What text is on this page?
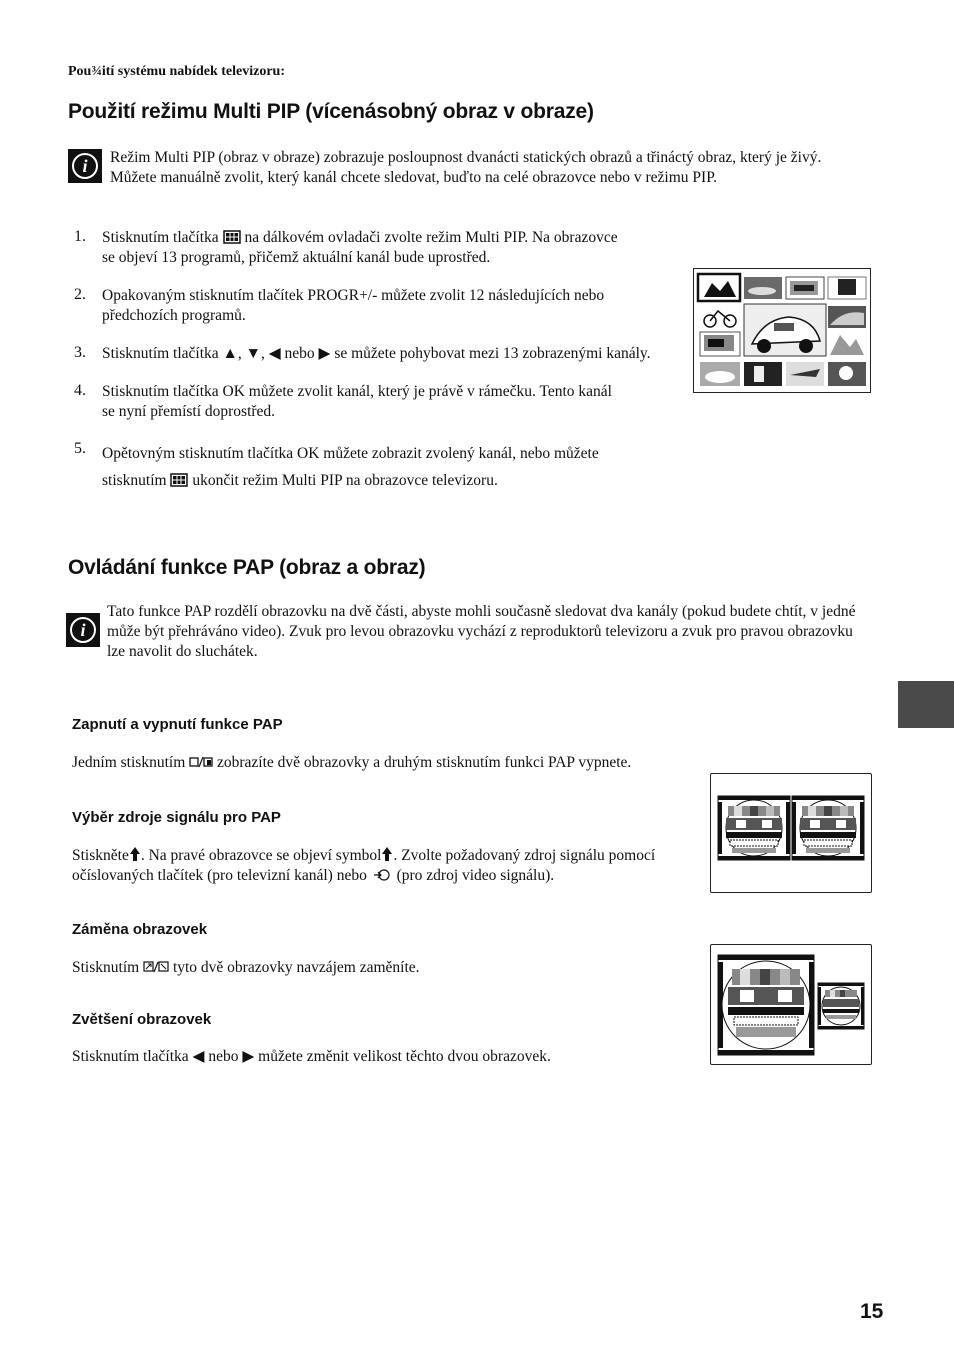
Pou¾ití systému nabídek televizoru:
Použití režimu Multi PIP (vícenásobný obraz v obraze)
i	Režim Multi PIP (obraz v obraze) zobrazuje posloupnost dvanácti statických obrazů a třináctý obraz, který je živý.
Můžete manuálně zvolit, který kanál chcete sledovat, buďto na celé obrazovce nebo v režimu PIP.
1. Stisknutím tlačítka na dálkovém ovladači zvolte režim Multi PIP. Na obrazovce
se objeví 13 programů, přičemž aktuální kanál bude uprostřed.
2. Opakovaným stisknutím tlačítek PROGR+/- můžete zvolit 12 následujících nebo
předchozích programů.
3. Stisknutím tlačítka ▲, ▼, ◀ nebo ▶ se můžete pohybovat mezi 13 zobrazenými kanály.
4. Stisknutím tlačítka OK můžete zvolit kanál, který je právě v rámečku. Tento kanál
se nyní přemístí doprostřed.
5. Opětovným stisknutím tlačítka OK můžete zobrazit zvolený kanál, nebo můžete
stisknutím ukončit režim Multi PIP na obrazovce televizoru.
Ovládání funkce PAP (obraz a obraz)
i
Tato funkce PAP rozdělí obrazovku na dvě části, abyste mohli současně sledovat dva kanály (pokud budete chtít, v jedné
může být přehráváno video). Zvuk pro levou obrazovku vychází z reproduktorů televizoru a zvuk pro pravou obrazovku
lze navolit do sluchátek.
Zapnutí a vypnutí funkce PAP
Jedním stisknutím zobrazíte dvě obrazovky a druhým stisknutím funkci PAP vypnete.
Výběr zdroje signálu pro PAP
Stiskněte . Na pravé obrazovce se objeví symbol . Zvolte požadovaný zdroj signálu pomocí
očíslovaných tlačítek (pro televizní kanál) nebo (pro zdroj video signálu).
Záměna obrazovek
Stisknutím tyto dvě obrazovky navzájem zaměníte.
Zvětšení obrazovek
Stisknutím tlačítka ◀ nebo ▶ můžete změnit velikost těchto dvou obrazovek.
15
